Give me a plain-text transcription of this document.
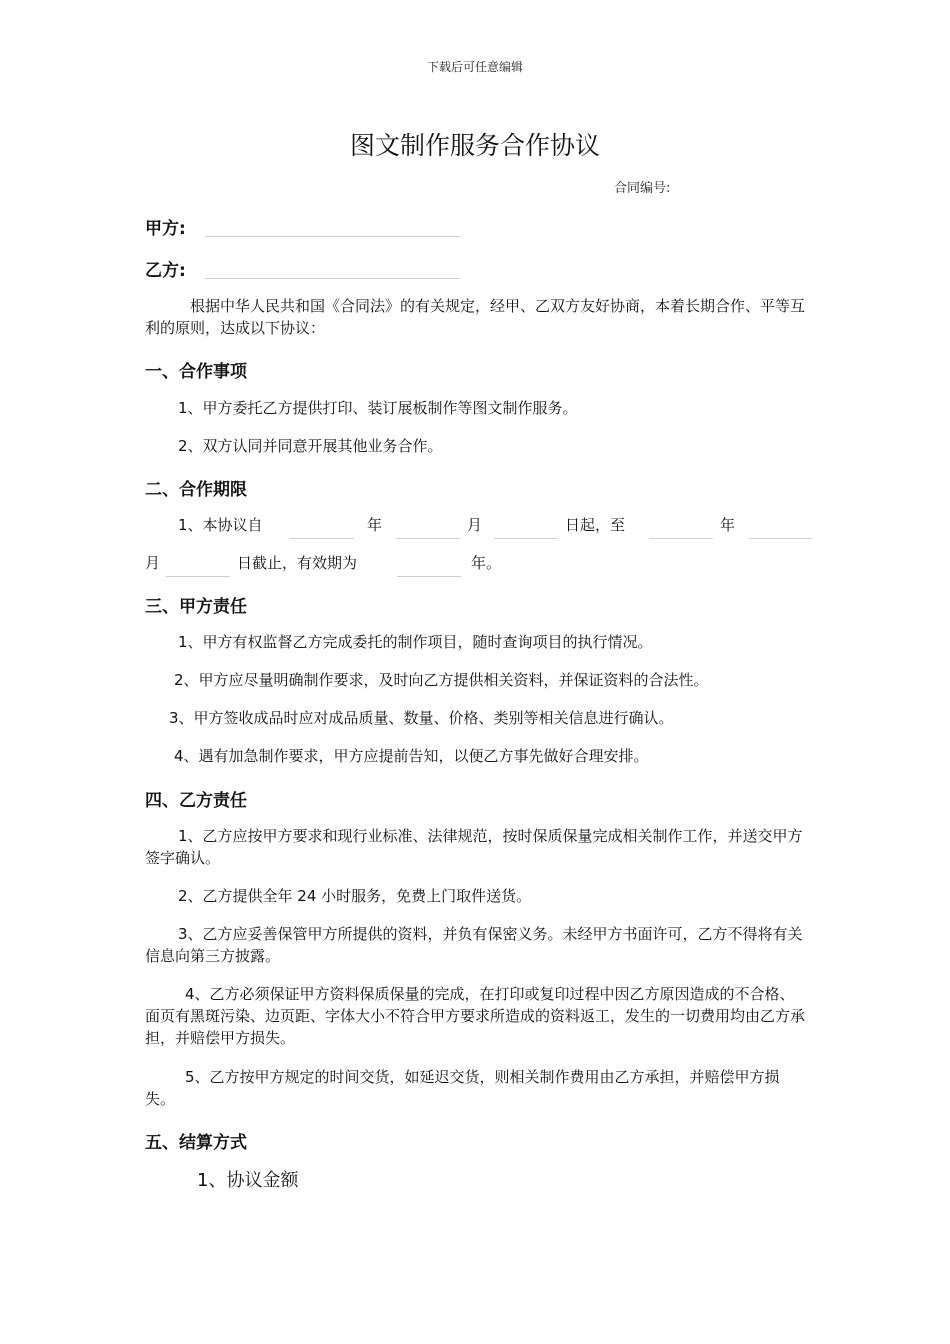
下载后可任意编辑
图文制作服务合作协议
合同编号:
甲方:
乙方:
根据中华人民共和国《合同法》的有关规定，经甲、乙双方友好协商，本着长期合作、平等互利的原则，达成以下协议：
一、合作事项
1、甲方委托乙方提供打印、装订展板制作等图文制作服务。
2、双方认同并同意开展其他业务合作。
二、合作期限
1、本协议自	年	月	日起，至	年
月	日截止，有效期为	年。
三、甲方责任
1、甲方有权监督乙方完成委托的制作项目，随时查询项目的执行情况。
2、甲方应尽量明确制作要求，及时向乙方提供相关资料，并保证资料的合法性。
3、甲方签收成品时应对成品质量、数量、价格、类别等相关信息进行确认。
4、遇有加急制作要求，甲方应提前告知，以便乙方事先做好合理安排。
四、乙方责任
1、乙方应按甲方要求和现行业标准、法律规范，按时保质保量完成相关制作工作，并送交甲方签字确认。
2、乙方提供全年 24 小时服务，免费上门取件送货。
3、乙方应妥善保管甲方所提供的资料，并负有保密义务。未经甲方书面许可，乙方不得将有关信息向第三方披露。
4、乙方必须保证甲方资料保质保量的完成，在打印或复印过程中因乙方原因造成的不合格、面页有黑斑污染、边页距、字体大小不符合甲方要求所造成的资料返工，发生的一切费用均由乙方承担，并赔偿甲方损失。
5、乙方按甲方规定的时间交货，如延迟交货，则相关制作费用由乙方承担，并赔偿甲方损失。
五、结算方式
1、协议金额
